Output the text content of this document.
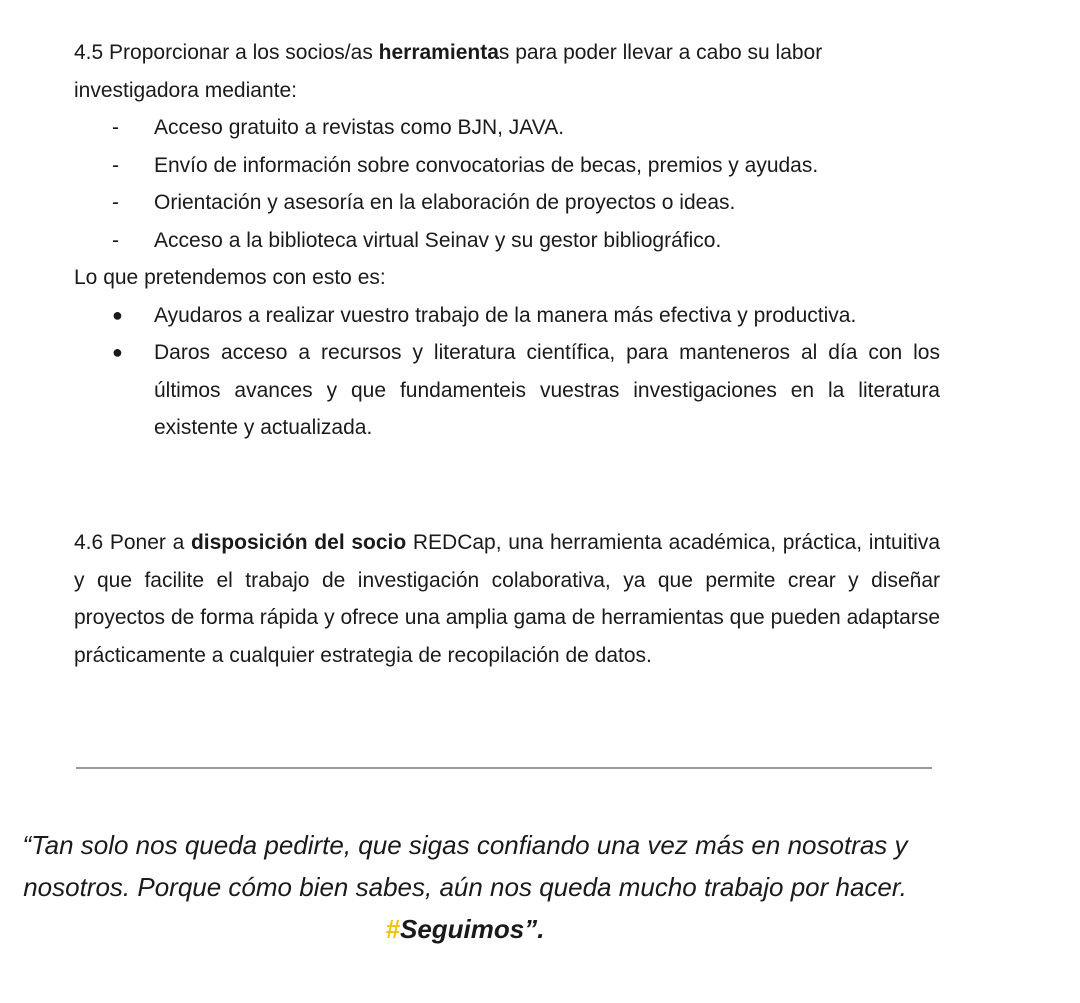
4.5 Proporcionar a los socios/as herramientas para poder llevar a cabo su labor investigadora mediante:
- Acceso gratuito a revistas como BJN, JAVA.
- Envío de información sobre convocatorias de becas, premios y ayudas.
- Orientación y asesoría en la elaboración de proyectos o ideas.
- Acceso a la biblioteca virtual Seinav y su gestor bibliográfico.
Lo que pretendemos con esto es:
● Ayudaros a realizar vuestro trabajo de la manera más efectiva y productiva.
● Daros acceso a recursos y literatura científica, para manteneros al día con los últimos avances y que fundamenteis vuestras investigaciones en la literatura existente y actualizada.
4.6 Poner a disposición del socio REDCap, una herramienta académica, práctica, intuitiva y que facilite el trabajo de investigación colaborativa, ya que permite crear y diseñar proyectos de forma rápida y ofrece una amplia gama de herramientas que pueden adaptarse prácticamente a cualquier estrategia de recopilación de datos.
“Tan solo nos queda pedirte, que sigas confiando una vez más en nosotras y nosotros. Porque cómo bien sabes, aún nos queda mucho trabajo por hacer. #Seguimos”.
